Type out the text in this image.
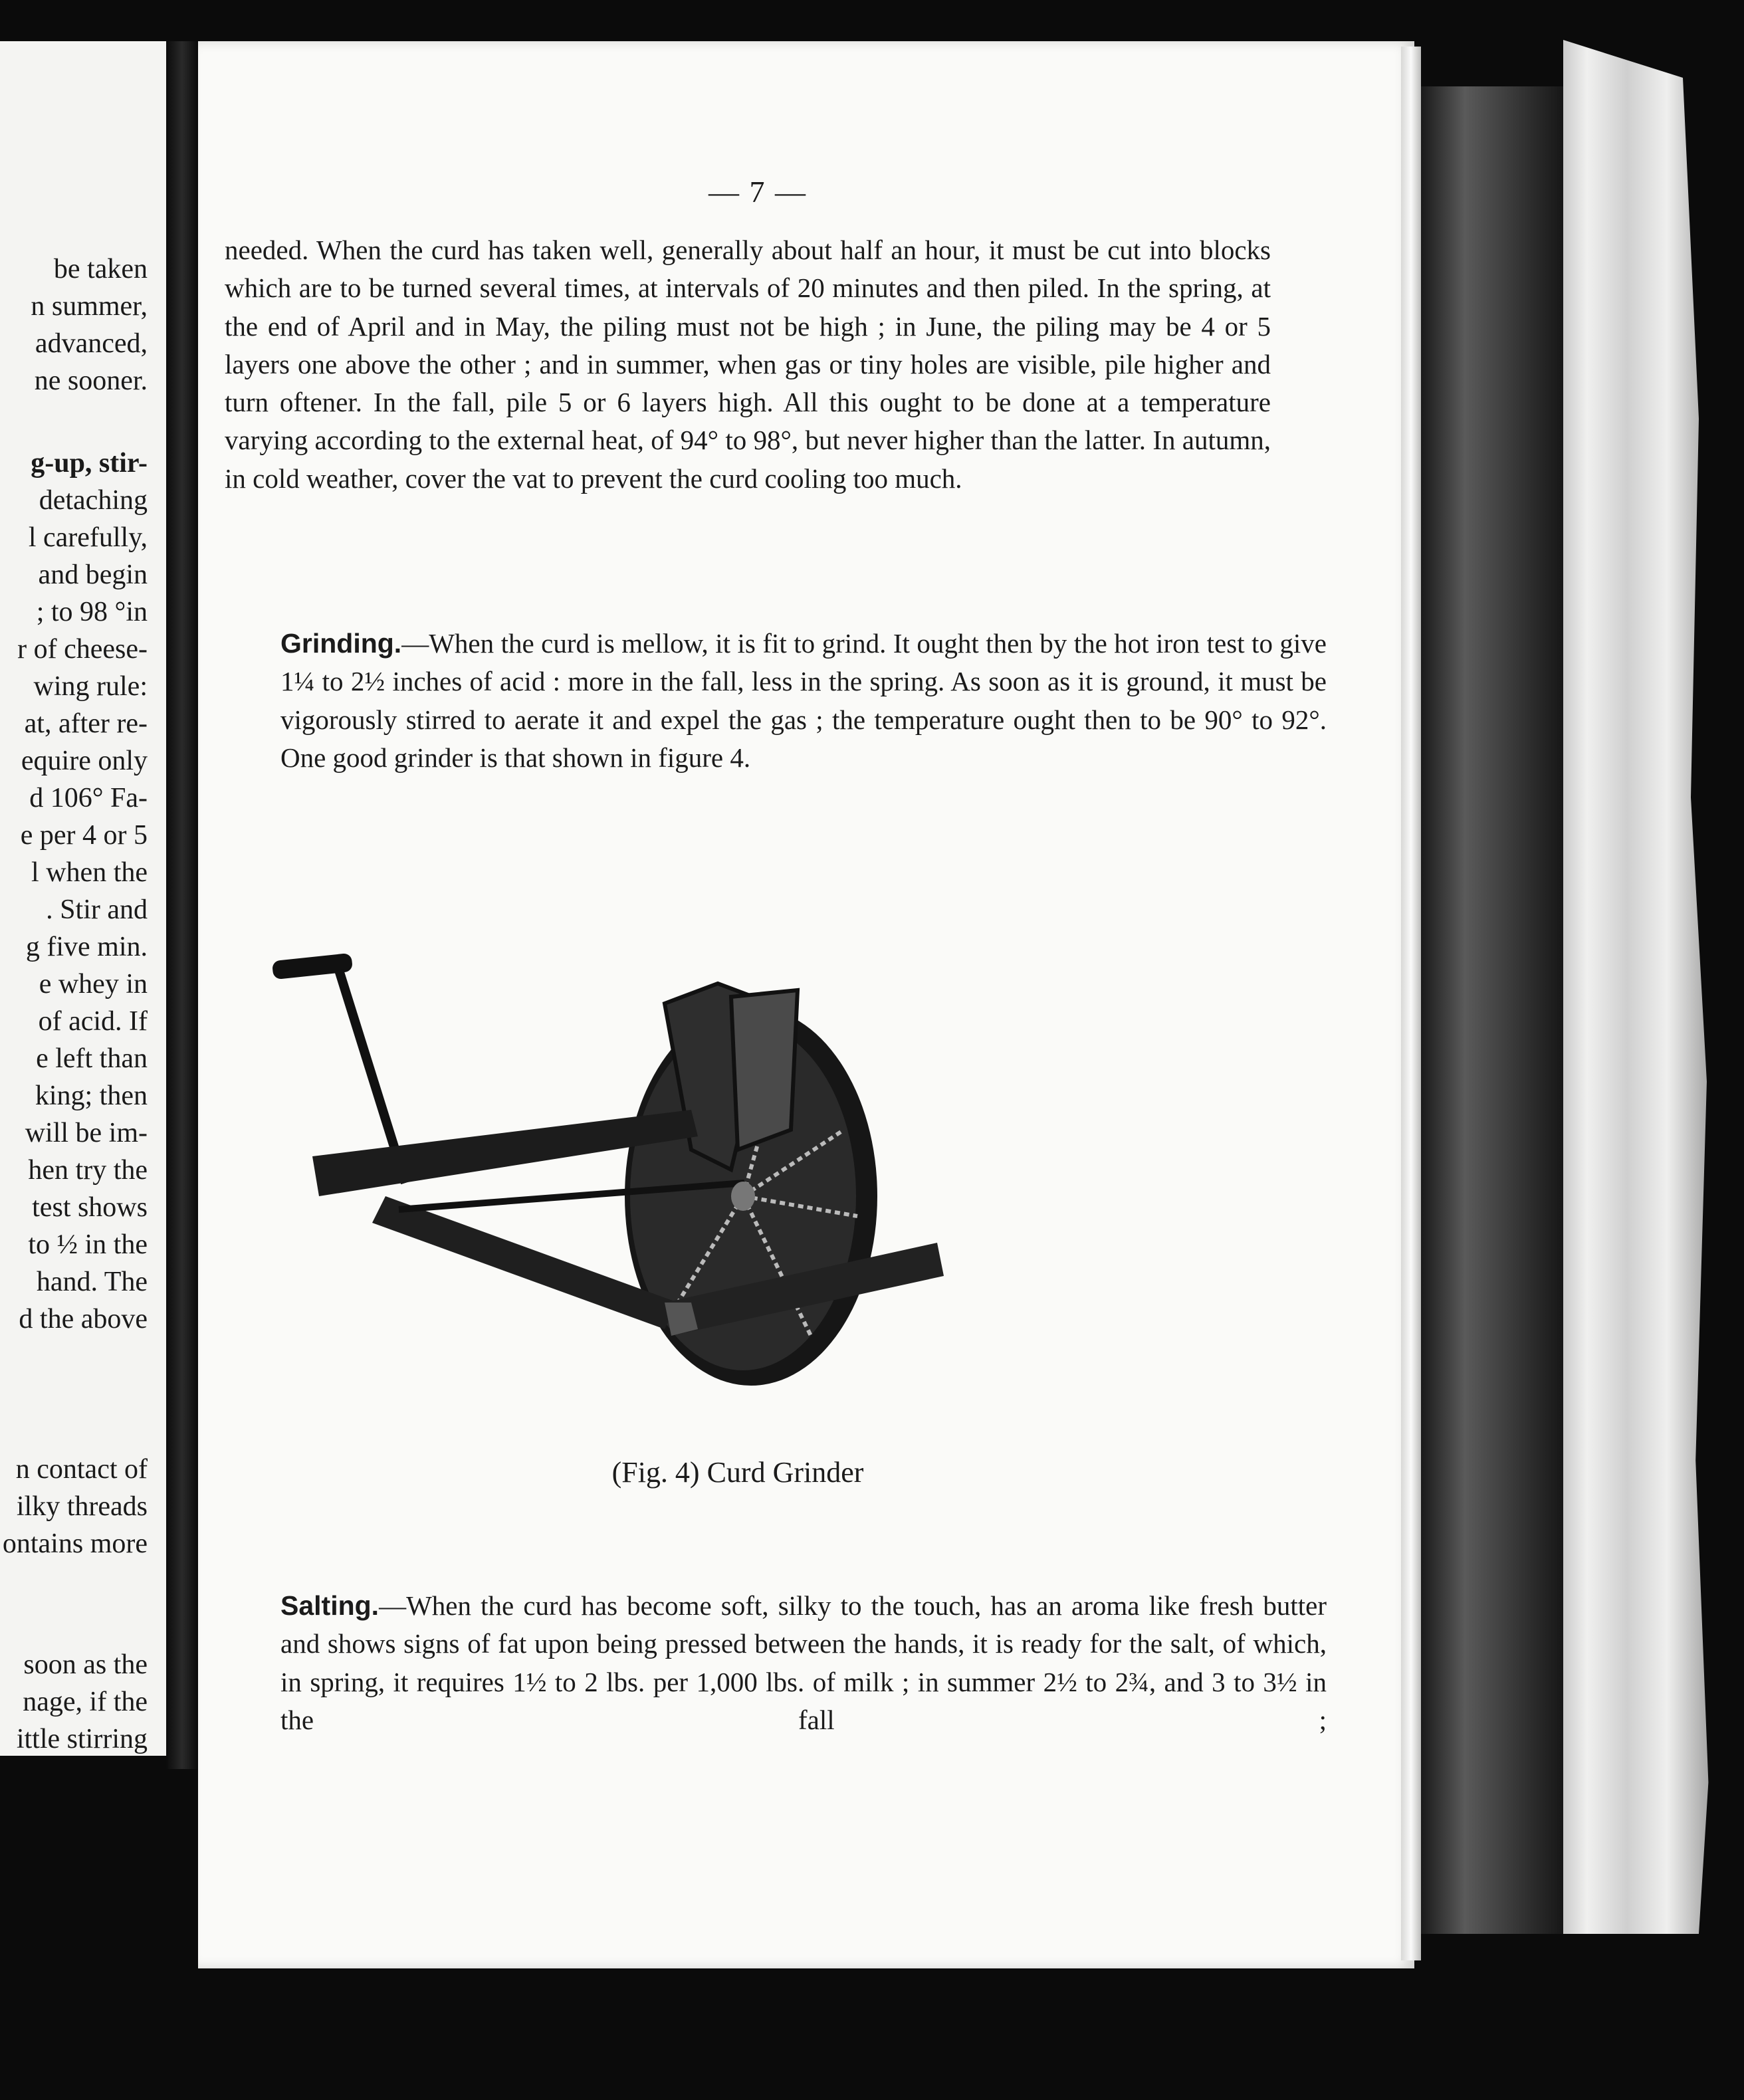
be taken
n summer,
advanced,
ne sooner.
g-up, stir-
detaching
l carefully,
and begin
; to 98 °in
r of cheese-
wing rule:
at, after re-
equire only
d 106° Fa-
e per 4 or 5
l when the
. Stir and
g five min.
e whey in
of acid. If
e left than
king; then
will be im-
hen try the
test shows
to ½ in the
hand. The
d the above
n contact of
ilky threads
ontains more
soon as the
nage, if the
ittle stirring
— 7 —

needed. When the curd has taken well, generally about half an hour, it must be cut into blocks which are to be turned several times, at intervals of 20 minutes and then piled. In the spring, at the end of April and in May, the piling must not be high ; in June, the piling may be 4 or 5 layers one above the other ; and in summer, when gas or tiny holes are visible, pile higher and turn oftener. In the fall, pile 5 or 6 layers high. All this ought to be done at a temperature varying according to the external heat, of 94° to 98°, but never higher than the latter. In autumn, in cold weather, cover the vat to prevent the curd cooling too much.

Grinding.—When the curd is mellow, it is fit to grind. It ought then by the hot iron test to give 1¼ to 2½ inches of acid : more in the fall, less in the spring. As soon as it is ground, it must be vigorously stirred to aerate it and expel the gas ; the temperature ought then to be 90° to 92°. One good grinder is that shown in figure 4.

(Fig. 4) Curd Grinder

Salting.—When the curd has become soft, silky to the touch, has an aroma like fresh butter and shows signs of fat upon being pressed between the hands, it is ready for the salt, of which, in spring, it requires 1½ to 2 lbs. per 1,000 lbs. of milk ; in summer 2½ to 2¾, and 3 to 3½ in the fall ;
